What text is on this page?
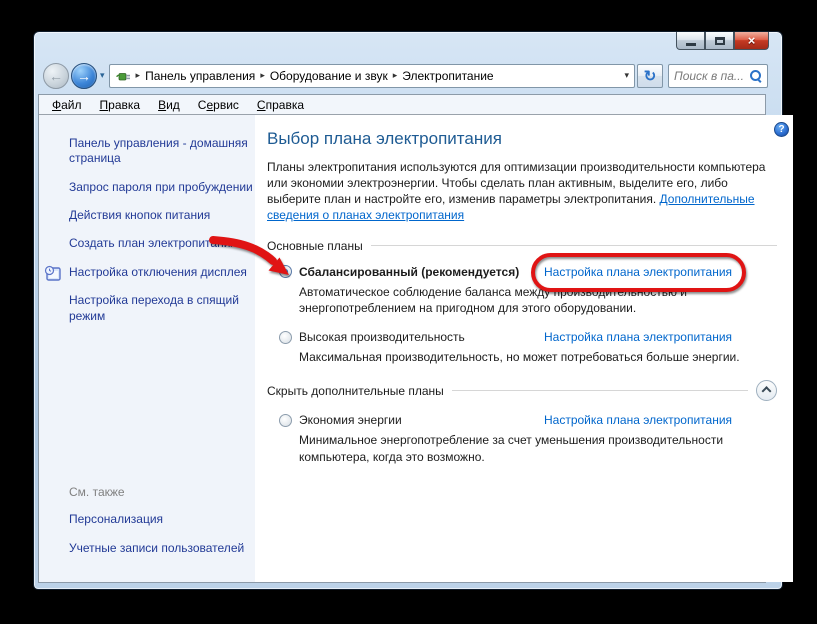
×
← → ▾	▸ Панель управления ▸ Оборудование и звук ▸ Электропитание	▾ ↻ Поиск в па...
Файл	Правка	Вид	Сервис	Справка
Панель управления - домашняя страница
Запрос пароля при пробуждении
Действия кнопок питания
Создать план электропитания
Настройка отключения дисплея
Настройка перехода в спящий режим
См. также
Персонализация
Учетные записи пользователей
?
Выбор плана электропитания

Планы электропитания используются для оптимизации производительности компьютера или экономии электроэнергии. Чтобы сделать план активным, выделите его, либо выберите план и настройте его, изменив параметры электропитания. Дополнительные сведения о планах электропитания

Основные планы
Сбалансированный (рекомендуется)	Настройка плана электропитания

Автоматическое соблюдение баланса между производительностью и энергопотреблением на пригодном для этого оборудовании.

Высокая производительность	Настройка плана электропитания

Максимальная производительность, но может потребоваться больше энергии.

Скрыть дополнительные планы
Экономия энергии	Настройка плана электропитания

Минимальное энергопотребление за счет уменьшения производительности компьютера, когда это возможно.
